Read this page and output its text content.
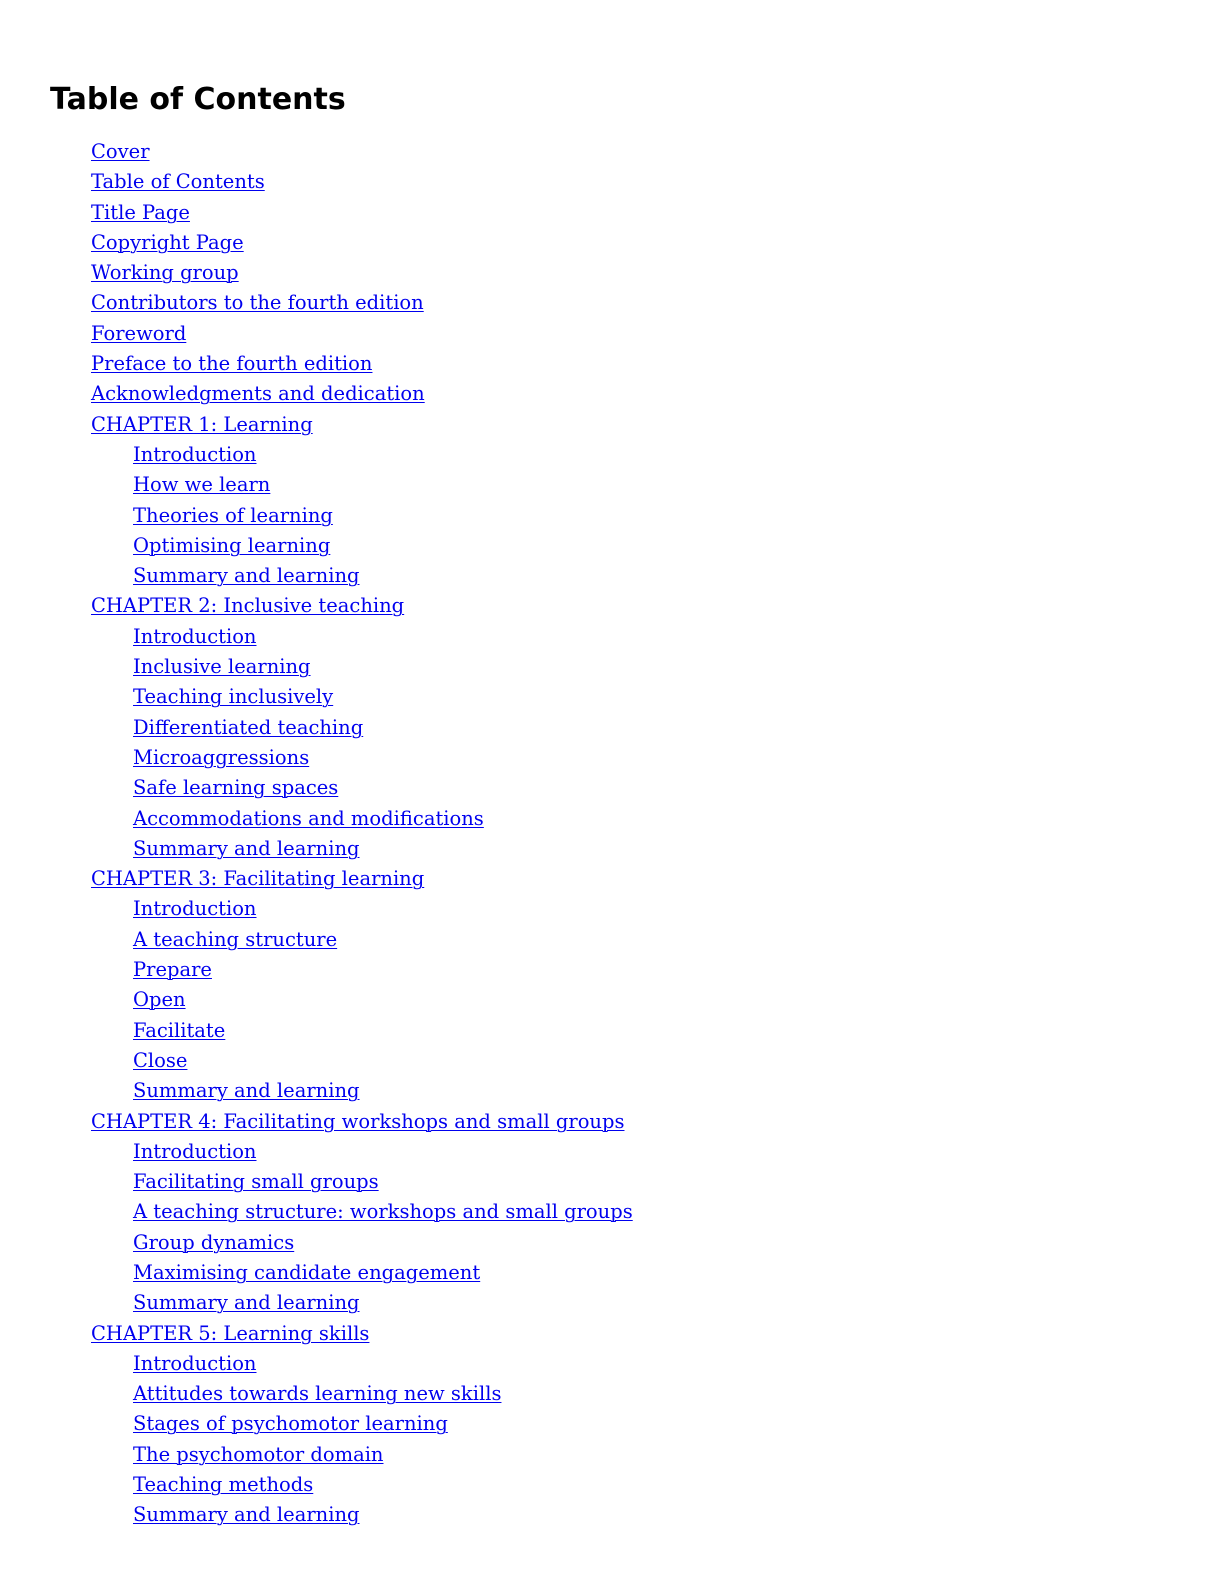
Table of Contents
Cover
Table of Contents
Title Page
Copyright Page
Working group
Contributors to the fourth edition
Foreword
Preface to the fourth edition
Acknowledgments and dedication
CHAPTER 1: Learning
Introduction
How we learn
Theories of learning
Optimising learning
Summary and learning
CHAPTER 2: Inclusive teaching
Introduction
Inclusive learning
Teaching inclusively
Differentiated teaching
Microaggressions
Safe learning spaces
Accommodations and modifications
Summary and learning
CHAPTER 3: Facilitating learning
Introduction
A teaching structure
Prepare
Open
Facilitate
Close
Summary and learning
CHAPTER 4: Facilitating workshops and small groups
Introduction
Facilitating small groups
A teaching structure: workshops and small groups
Group dynamics
Maximising candidate engagement
Summary and learning
CHAPTER 5: Learning skills
Introduction
Attitudes towards learning new skills
Stages of psychomotor learning
The psychomotor domain
Teaching methods
Summary and learning
